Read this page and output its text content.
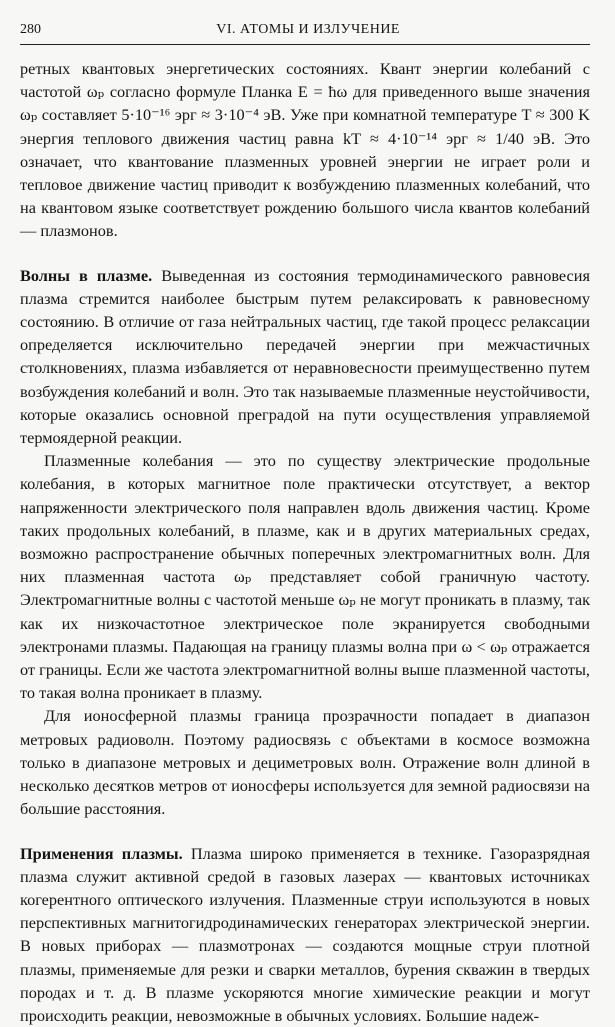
280	VI. АТОМЫ И ИЗЛУЧЕНИЕ

ретных квантовых энергетических состояниях. Квант энергии колебаний с частотой ωₚ согласно формуле Планка E = ħω для приведенного выше значения ωₚ составляет 5·10⁻¹⁶ эрг ≈ 3·10⁻⁴ эВ. Уже при комнатной температуре T ≈ 300 K энергия теплового движения частиц равна kT ≈ 4·10⁻¹⁴ эрг ≈ 1/40 эВ. Это означает, что квантование плазменных уровней энергии не играет роли и тепловое движение частиц приводит к возбуждению плазменных колебаний, что на квантовом языке соответствует рождению большого числа квантов колебаний — плазмонов.

Волны в плазме. Выведенная из состояния термодинамического равновесия плазма стремится наиболее быстрым путем релаксировать к равновесному состоянию. В отличие от газа нейтральных частиц, где такой процесс релаксации определяется исключительно передачей энергии при межчастичных столкновениях, плазма избавляется от неравновесности преимущественно путем возбуждения колебаний и волн. Это так называемые плазменные неустойчивости, которые оказались основной преградой на пути осуществления управляемой термоядерной реакции.

Плазменные колебания — это по существу электрические продольные колебания, в которых магнитное поле практически отсутствует, а вектор напряженности электрического поля направлен вдоль движения частиц. Кроме таких продольных колебаний, в плазме, как и в других материальных средах, возможно распространение обычных поперечных электромагнитных волн. Для них плазменная частота ωₚ представляет собой граничную частоту. Электромагнитные волны с частотой меньше ωₚ не могут проникать в плазму, так как их низкочастотное электрическое поле экранируется свободными электронами плазмы. Падающая на границу плазмы волна при ω < ωₚ отражается от границы. Если же частота электромагнитной волны выше плазменной частоты, то такая волна проникает в плазму.

Для ионосферной плазмы граница прозрачности попадает в диапазон метровых радиоволн. Поэтому радиосвязь с объектами в космосе возможна только в диапазоне метровых и дециметровых волн. Отражение волн длиной в несколько десятков метров от ионосферы используется для земной радиосвязи на большие расстояния.

Применения плазмы. Плазма широко применяется в технике. Газоразрядная плазма служит активной средой в газовых лазерах — квантовых источниках когерентного оптического излучения. Плазменные струи используются в новых перспективных магнитогидродинамических генераторах электрической энергии. В новых приборах — плазмотронах — создаются мощные струи плотной плазмы, применяемые для резки и сварки металлов, бурения скважин в твердых породах и т. д. В плазме ускоряются многие химические реакции и могут происходить реакции, невозможные в обычных условиях. Большие надеж-
